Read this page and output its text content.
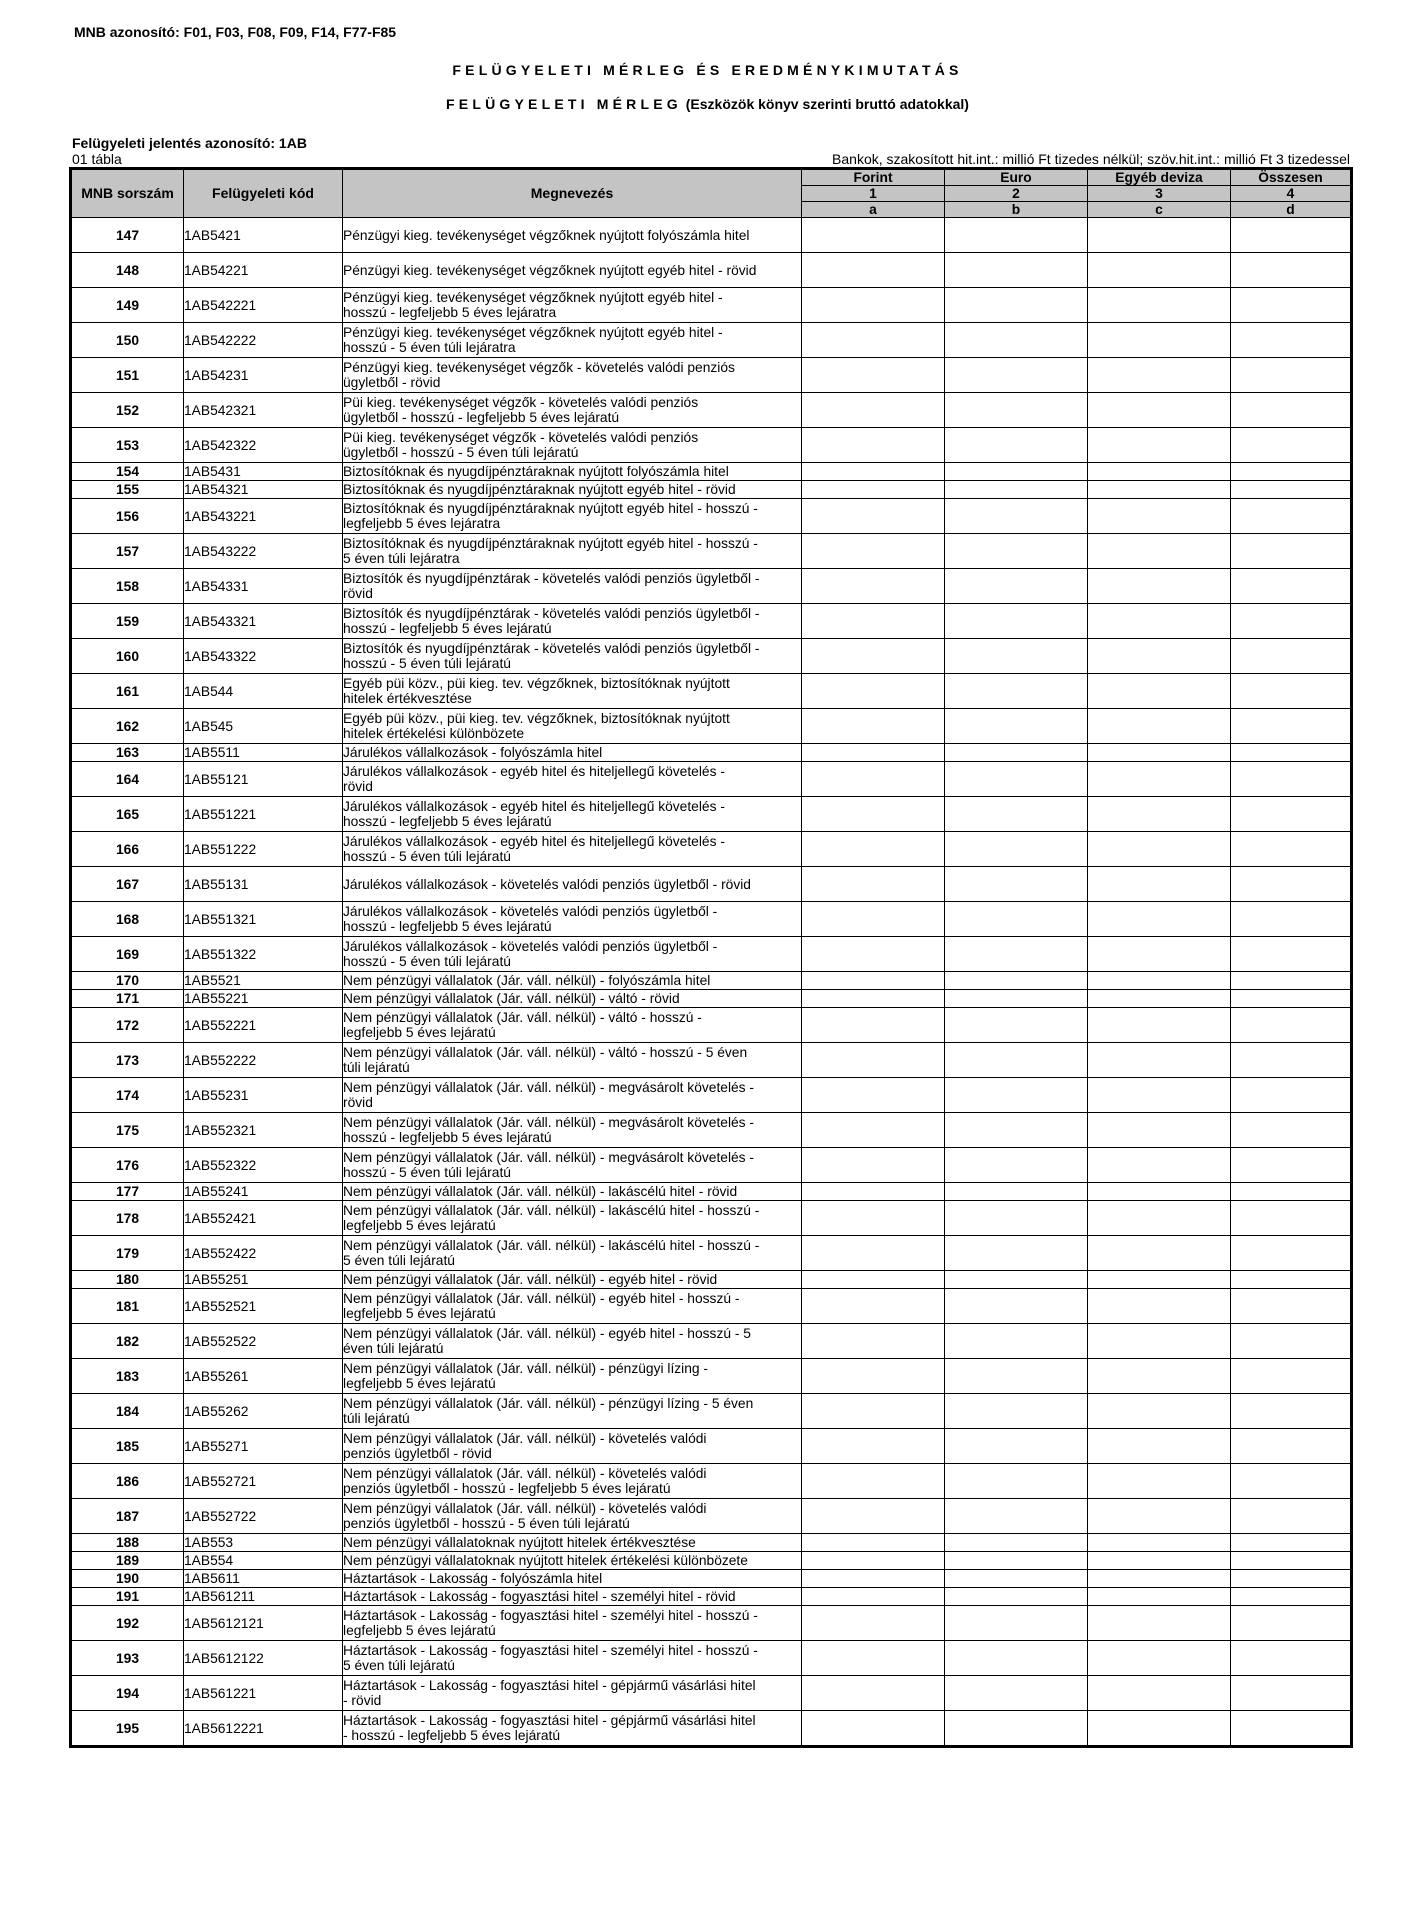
MNB azonosító: F01, F03, F08, F09, F14, F77-F85
FELÜGYELETI MÉRLEG ÉS EREDMÉNYKIMUTATÁS
FELÜGYELETI MÉRLEG (Eszközök könyv szerinti bruttó adatokkal)
Felügyeleti jelentés azonosító: 1AB
01 tábla	Bankok, szakosított hit.int.: millió Ft tizedes nélkül; szöv.hit.int.: millió Ft 3 tizedessel
MNB sorszám	Felügyeleti kód	Megnevezés	Forint	Euro	Egyéb deviza	Összesen
			1	2	3	4
			a	b	c	d
147	1AB5421	Pénzügyi kieg. tevékenységet végzőknek nyújtott folyószámla hitel				

148	1AB54221	Pénzügyi kieg. tevékenységet végzőknek nyújtott egyéb hitel - rövid				

149	1AB542221	Pénzügyi kieg. tevékenységet végzőknek nyújtott egyéb hitel -
hosszú - legfeljebb 5 éves lejáratra				

150	1AB542222	Pénzügyi kieg. tevékenységet végzőknek nyújtott egyéb hitel -
hosszú - 5 éven túli lejáratra				

151	1AB54231	Pénzügyi kieg. tevékenységet végzők - követelés valódi penziós
ügyletből - rövid				

152	1AB542321	Püi kieg. tevékenységet végzők - követelés valódi penziós
ügyletből - hosszú - legfeljebb 5 éves lejáratú				

153	1AB542322	Püi kieg. tevékenységet végzők - követelés valódi penziós
ügyletből - hosszú - 5 éven túli lejáratú				

154	1AB5431	Biztosítóknak és nyugdíjpénztáraknak nyújtott folyószámla hitel				

155	1AB54321	Biztosítóknak és nyugdíjpénztáraknak nyújtott egyéb hitel - rövid				

156	1AB543221	Biztosítóknak és nyugdíjpénztáraknak nyújtott egyéb hitel - hosszú -
legfeljebb 5 éves lejáratra				

157	1AB543222	Biztosítóknak és nyugdíjpénztáraknak nyújtott egyéb hitel - hosszú -
5 éven túli lejáratra				

158	1AB54331	Biztosítók és nyugdíjpénztárak - követelés valódi penziós ügyletből -
rövid				

159	1AB543321	Biztosítók és nyugdíjpénztárak - követelés valódi penziós ügyletből -
hosszú - legfeljebb 5 éves lejáratú				

160	1AB543322	Biztosítók és nyugdíjpénztárak - követelés valódi penziós ügyletből -
hosszú - 5 éven túli lejáratú				

161	1AB544	Egyéb püi közv., püi kieg. tev. végzőknek, biztosítóknak nyújtott
hitelek értékvesztése				

162	1AB545	Egyéb püi közv., püi kieg. tev. végzőknek, biztosítóknak nyújtott
hitelek értékelési különbözete				

163	1AB5511	Járulékos vállalkozások - folyószámla hitel				

164	1AB55121	Járulékos vállalkozások - egyéb hitel és hiteljellegű követelés -
rövid				

165	1AB551221	Járulékos vállalkozások - egyéb hitel és hiteljellegű követelés -
hosszú - legfeljebb 5 éves lejáratú				

166	1AB551222	Járulékos vállalkozások - egyéb hitel és hiteljellegű követelés -
hosszú - 5 éven túli lejáratú				

167	1AB55131	Járulékos vállalkozások - követelés valódi penziós ügyletből - rövid				

168	1AB551321	Járulékos vállalkozások - követelés valódi penziós ügyletből -
hosszú - legfeljebb 5 éves lejáratú				

169	1AB551322	Járulékos vállalkozások - követelés valódi penziós ügyletből -
hosszú - 5 éven túli lejáratú				

170	1AB5521	Nem pénzügyi vállalatok (Jár. váll. nélkül) - folyószámla hitel				

171	1AB55221	Nem pénzügyi vállalatok (Jár. váll. nélkül) - váltó - rövid				

172	1AB552221	Nem pénzügyi vállalatok (Jár. váll. nélkül) - váltó - hosszú -
legfeljebb 5 éves lejáratú				

173	1AB552222	Nem pénzügyi vállalatok (Jár. váll. nélkül) - váltó - hosszú - 5 éven
túli lejáratú				

174	1AB55231	Nem pénzügyi vállalatok (Jár. váll. nélkül) - megvásárolt követelés -
rövid				

175	1AB552321	Nem pénzügyi vállalatok (Jár. váll. nélkül) - megvásárolt követelés -
hosszú - legfeljebb 5 éves lejáratú				

176	1AB552322	Nem pénzügyi vállalatok (Jár. váll. nélkül) - megvásárolt követelés -
hosszú - 5 éven túli lejáratú				

177	1AB55241	Nem pénzügyi vállalatok (Jár. váll. nélkül) - lakáscélú hitel - rövid				

178	1AB552421	Nem pénzügyi vállalatok (Jár. váll. nélkül) - lakáscélú hitel - hosszú -
legfeljebb 5 éves lejáratú				

179	1AB552422	Nem pénzügyi vállalatok (Jár. váll. nélkül) - lakáscélú hitel - hosszú -
5 éven túli lejáratú				

180	1AB55251	Nem pénzügyi vállalatok (Jár. váll. nélkül) - egyéb hitel - rövid				

181	1AB552521	Nem pénzügyi vállalatok (Jár. váll. nélkül) - egyéb hitel - hosszú -
legfeljebb 5 éves lejáratú				

182	1AB552522	Nem pénzügyi vállalatok (Jár. váll. nélkül) - egyéb hitel - hosszú - 5
éven túli lejáratú				

183	1AB55261	Nem pénzügyi vállalatok (Jár. váll. nélkül) - pénzügyi lízing -
legfeljebb 5 éves lejáratú				

184	1AB55262	Nem pénzügyi vállalatok (Jár. váll. nélkül) - pénzügyi lízing - 5 éven
túli lejáratú				

185	1AB55271	Nem pénzügyi vállalatok (Jár. váll. nélkül) - követelés valódi
penziós ügyletből - rövid				

186	1AB552721	Nem pénzügyi vállalatok (Jár. váll. nélkül) - követelés valódi
penziós ügyletből - hosszú - legfeljebb 5 éves lejáratú				

187	1AB552722	Nem pénzügyi vállalatok (Jár. váll. nélkül) - követelés valódi
penziós ügyletből - hosszú - 5 éven túli lejáratú				

188	1AB553	Nem pénzügyi vállalatoknak nyújtott hitelek értékvesztése				

189	1AB554	Nem pénzügyi vállalatoknak nyújtott hitelek értékelési különbözete				

190	1AB5611	Háztartások - Lakosság - folyószámla hitel				

191	1AB561211	Háztartások - Lakosság - fogyasztási hitel - személyi hitel - rövid				

192	1AB5612121	Háztartások - Lakosság - fogyasztási hitel - személyi hitel - hosszú -
legfeljebb 5 éves lejáratú				

193	1AB5612122	Háztartások - Lakosság - fogyasztási hitel - személyi hitel - hosszú -
5 éven túli lejáratú				

194	1AB561221	Háztartások - Lakosság - fogyasztási hitel - gépjármű vásárlási hitel
- rövid				

195	1AB5612221	Háztartások - Lakosság - fogyasztási hitel - gépjármű vásárlási hitel
- hosszú - legfeljebb 5 éves lejáratú				
